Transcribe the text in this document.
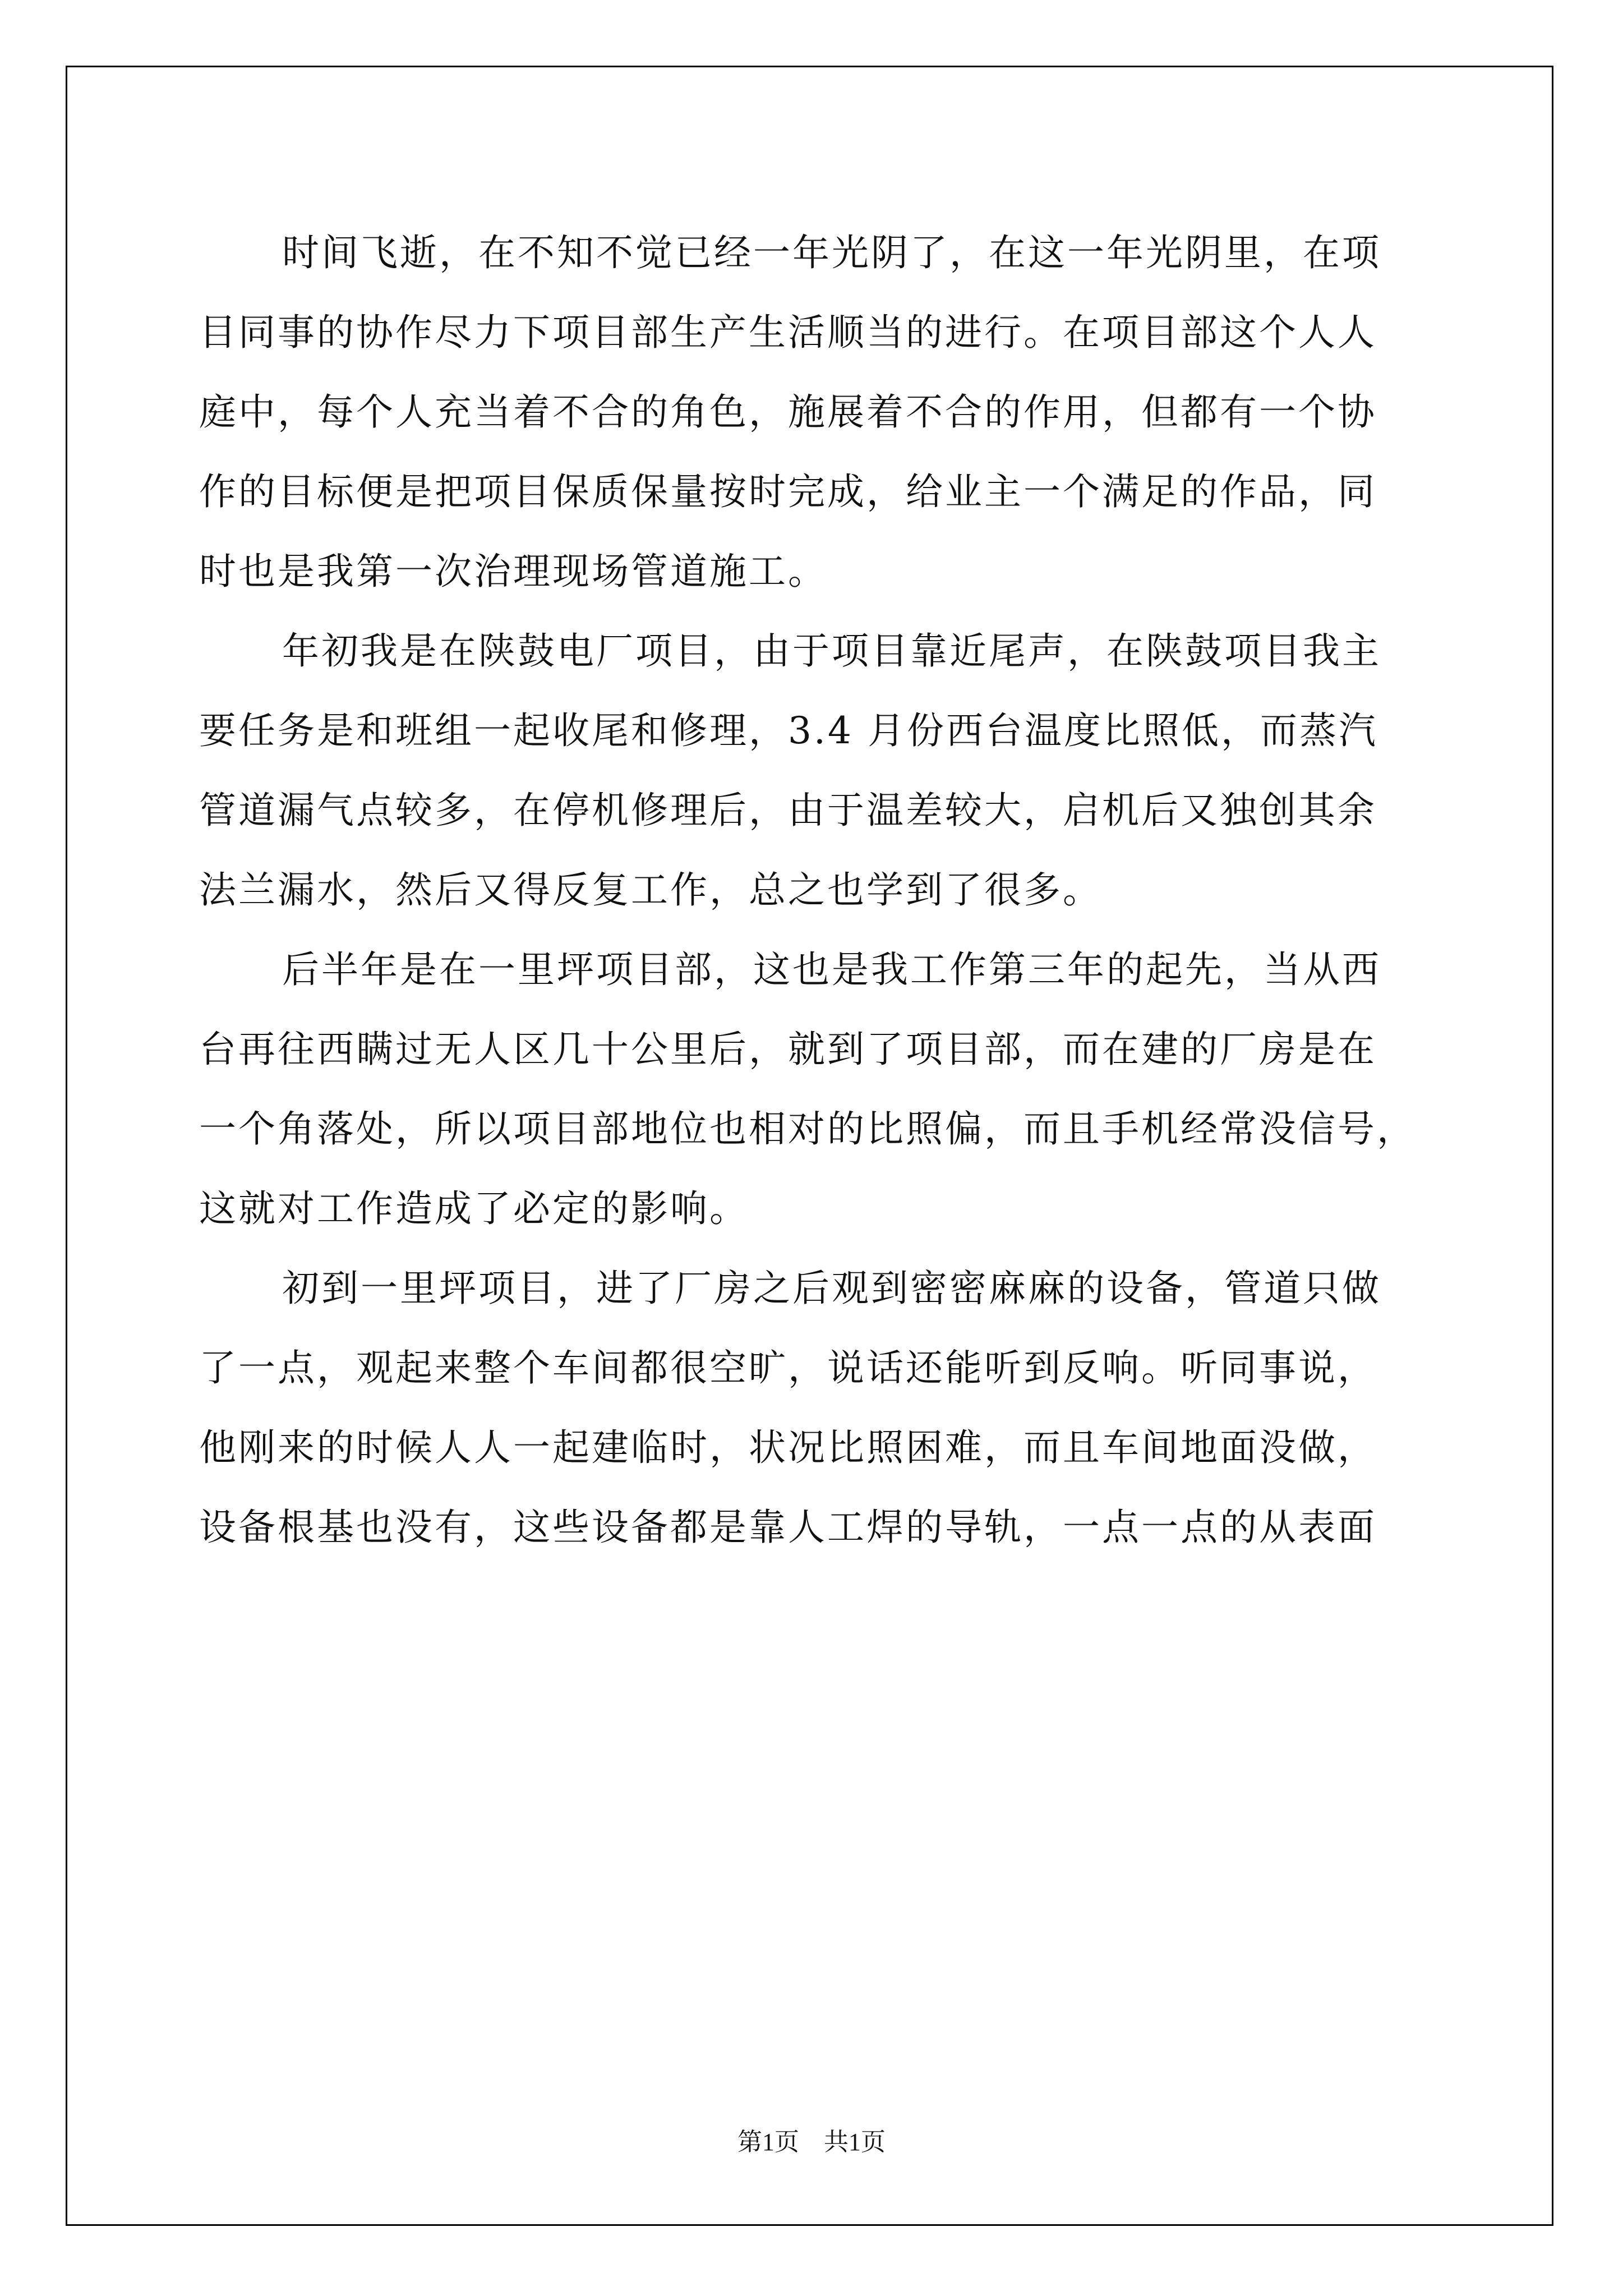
时间飞逝，在不知不觉已经一年光阴了，在这一年光阴里，在项
目同事的协作尽力下项目部生产生活顺当的进行。在项目部这个人人
庭中，每个人充当着不合的角色，施展着不合的作用，但都有一个协
作的目标便是把项目保质保量按时完成，给业主一个满足的作品，同
时也是我第一次治理现场管道施工。
年初我是在陕鼓电厂项目，由于项目靠近尾声，在陕鼓项目我主
要任务是和班组一起收尾和修理，3.4 月份西台温度比照低，而蒸汽
管道漏气点较多，在停机修理后，由于温差较大，启机后又独创其余
法兰漏水，然后又得反复工作，总之也学到了很多。
后半年是在一里坪项目部，这也是我工作第三年的起先，当从西
台再往西瞒过无人区几十公里后，就到了项目部，而在建的厂房是在
一个角落处，所以项目部地位也相对的比照偏，而且手机经常没信号，
这就对工作造成了必定的影响。
初到一里坪项目，进了厂房之后观到密密麻麻的设备，管道只做
了一点，观起来整个车间都很空旷，说话还能听到反响。听同事说，
他刚来的时候人人一起建临时，状况比照困难，而且车间地面没做，
设备根基也没有，这些设备都是靠人工焊的导轨，一点一点的从表面
第1页 共1页
